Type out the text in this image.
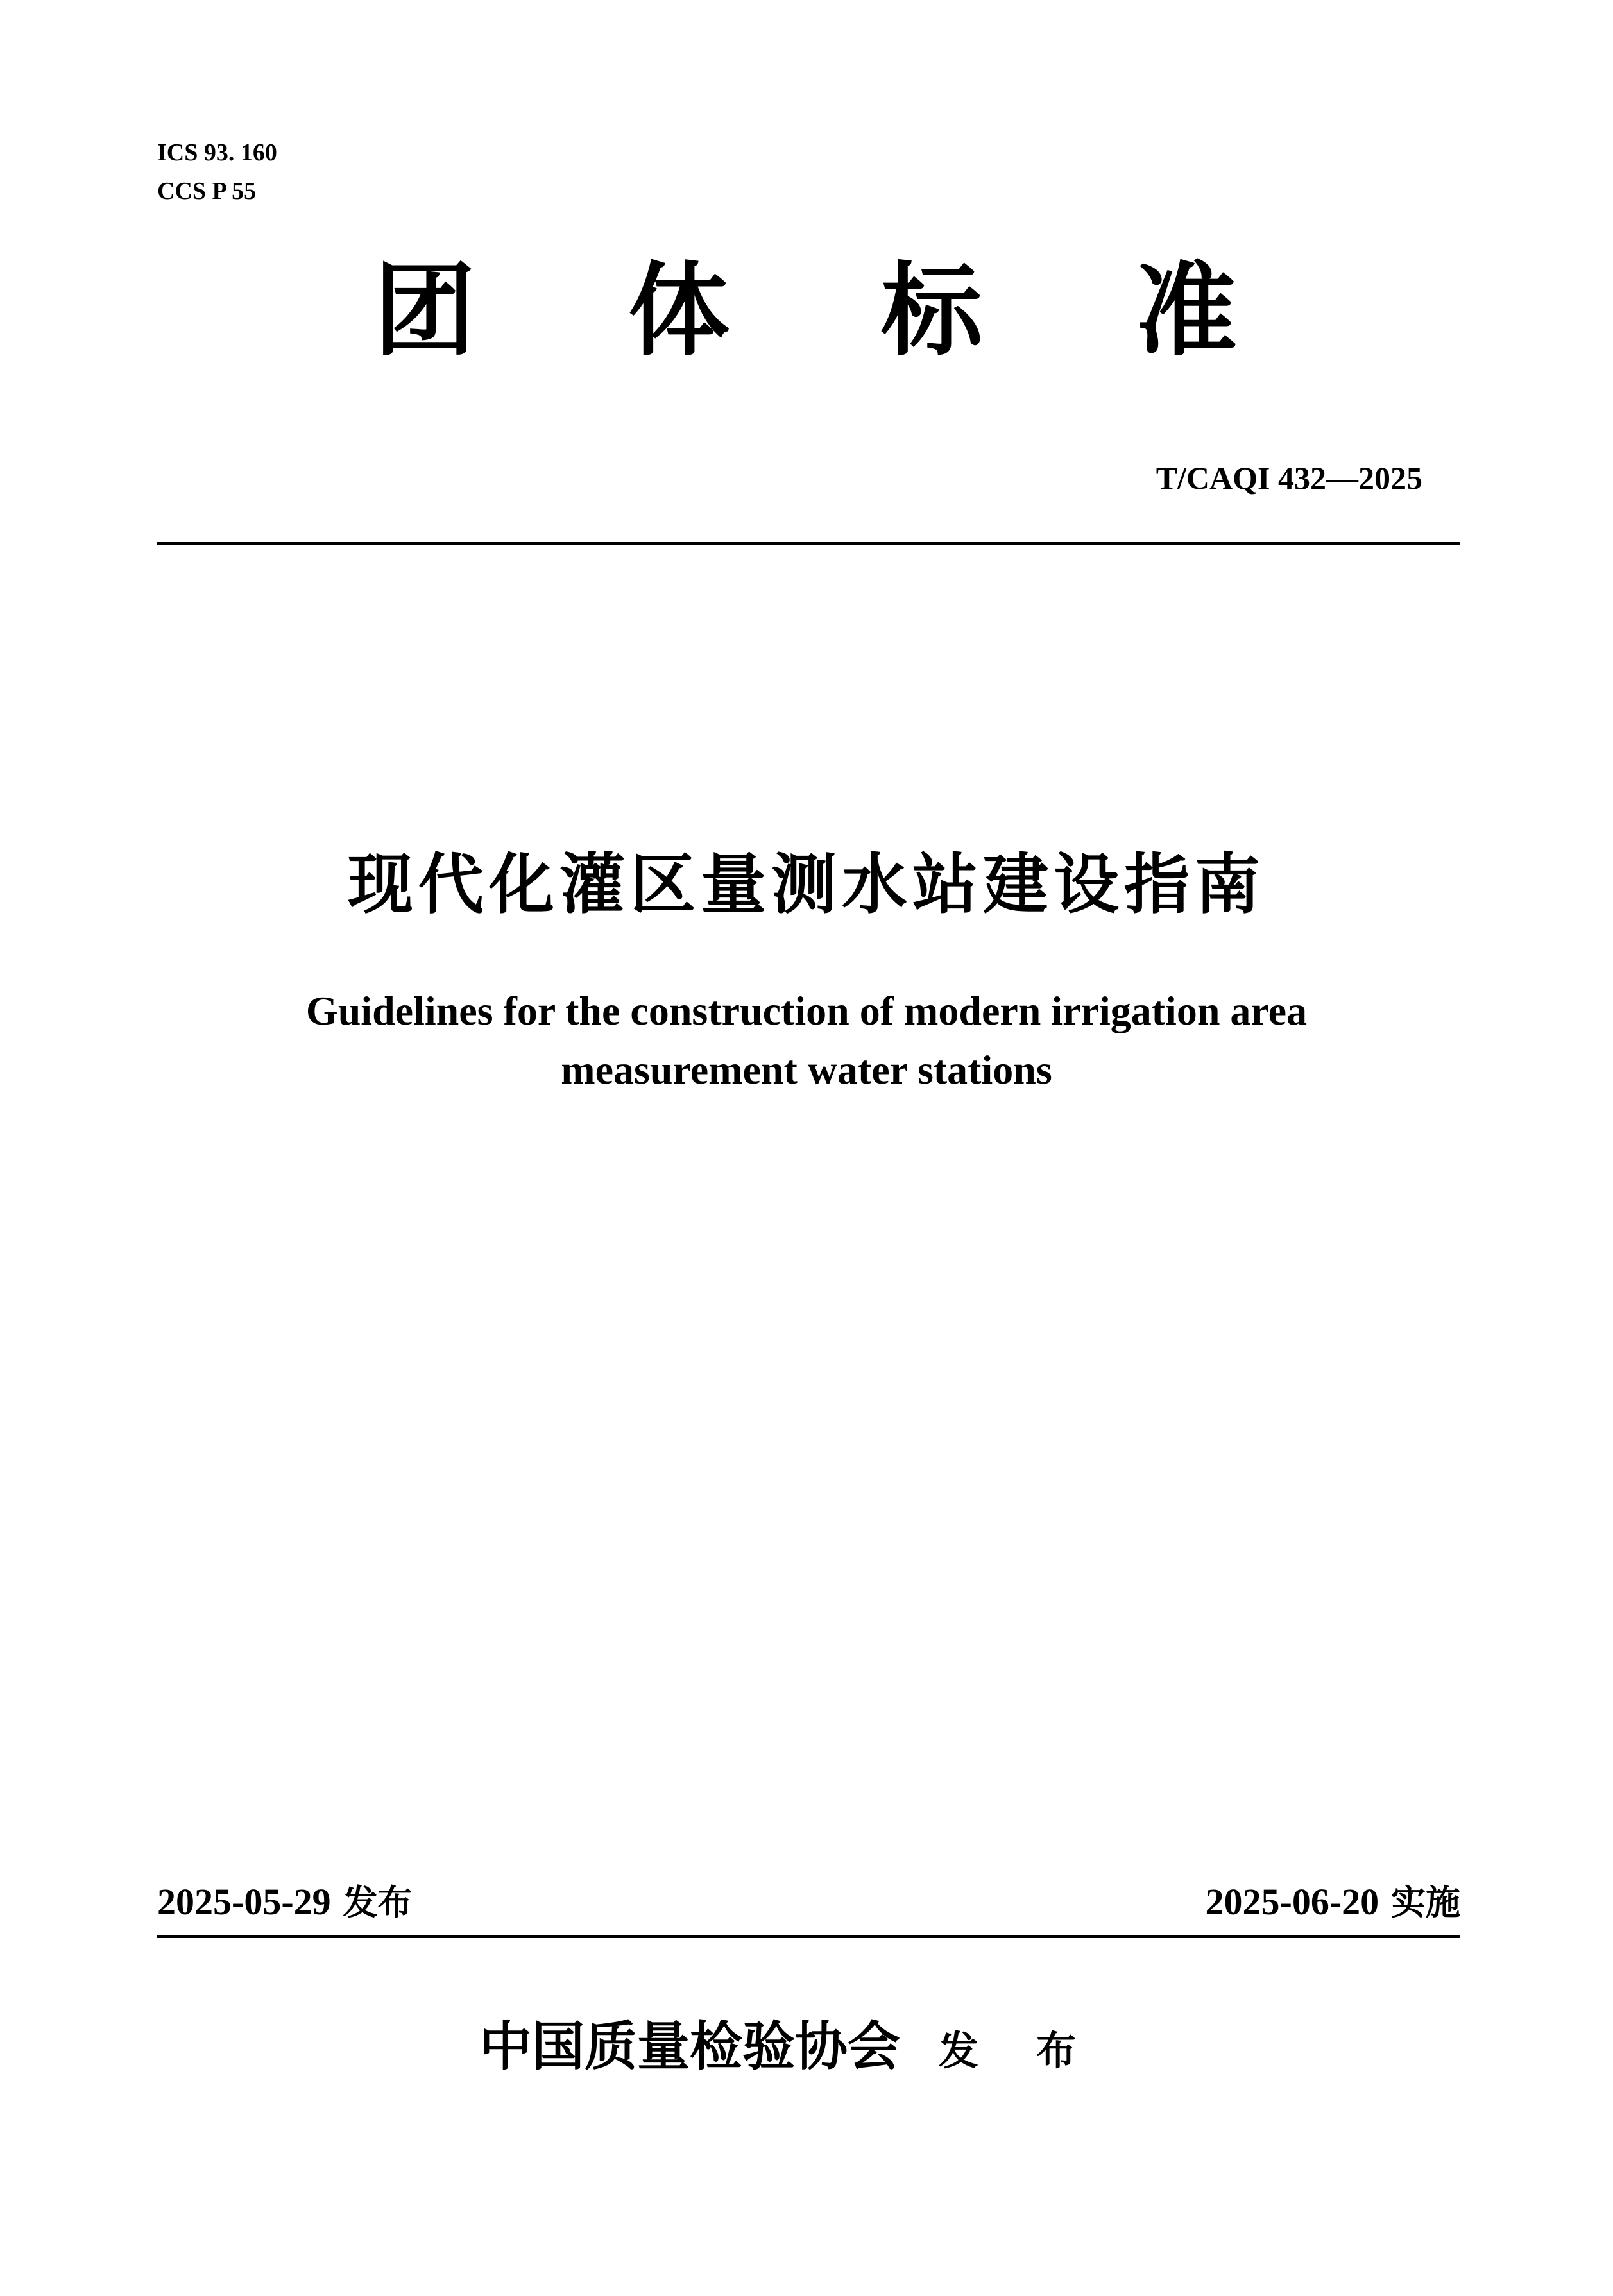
ICS 93. 160
CCS P 55
团 体 标 准
T/CAQI 432—2025
现代化灌区量测水站建设指南
Guidelines for the construction of modern irrigation area
measurement water stations
2025-05-29 发布	2025-06-20 实施
中国质量检验协会 发布
